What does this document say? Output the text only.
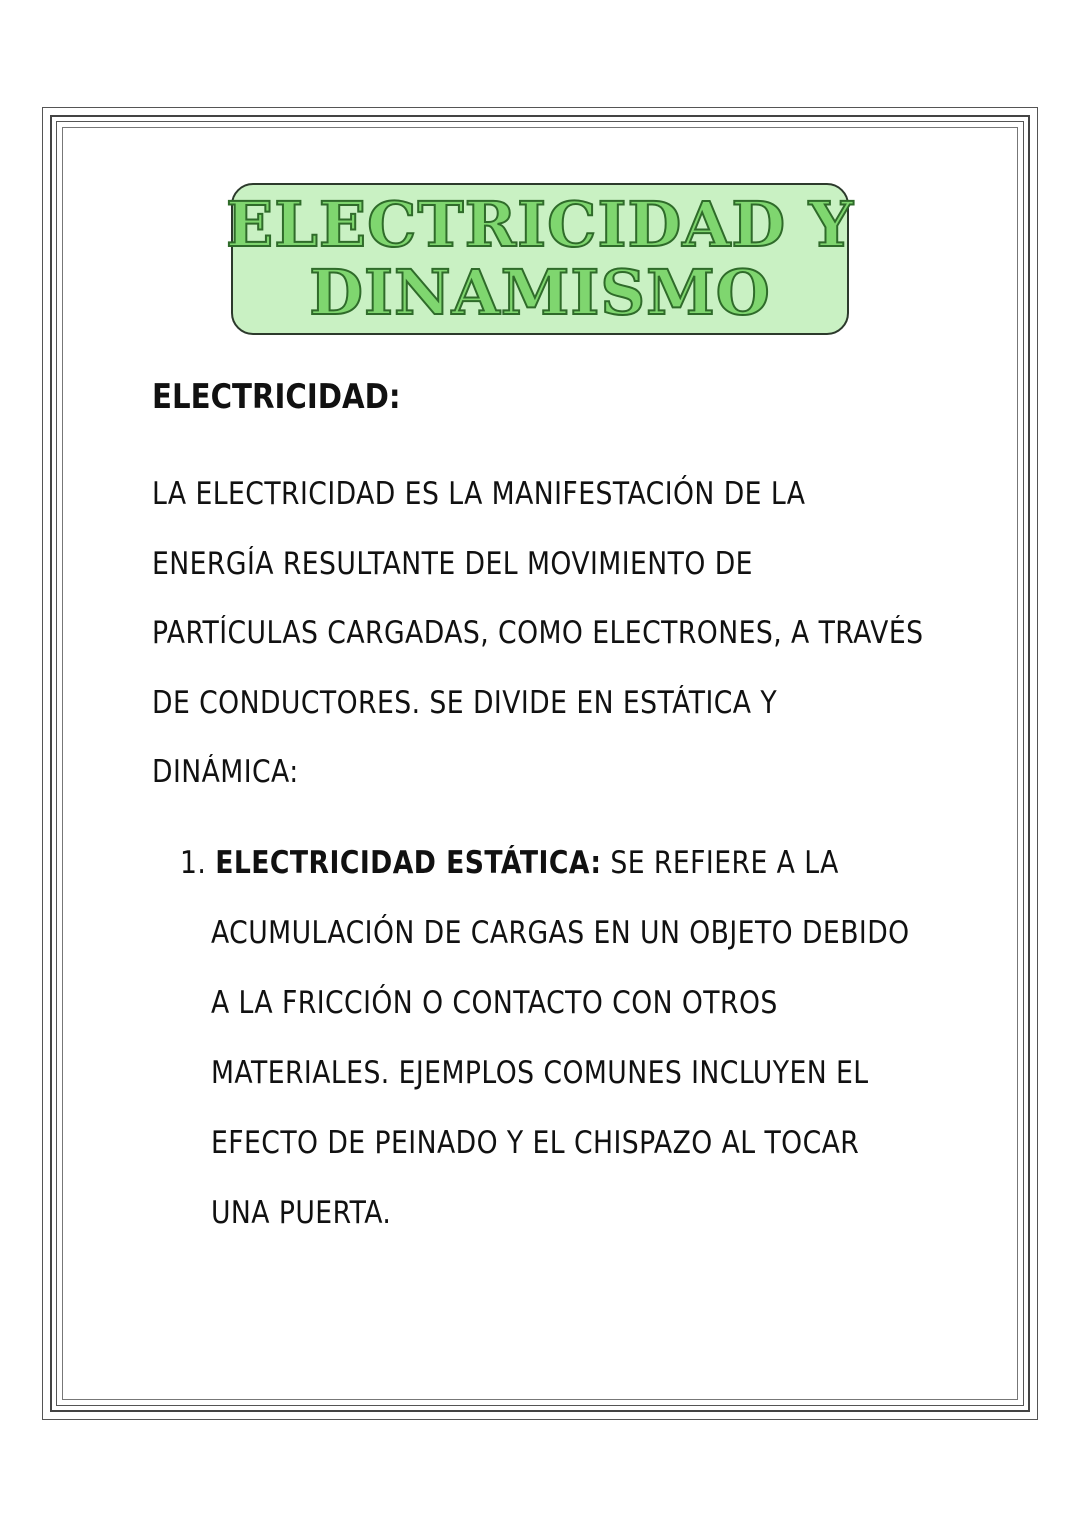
ELECTRICIDAD Y
DINAMISMO
ELECTRICIDAD:
LA ELECTRICIDAD ES LA MANIFESTACIÓN DE LA
ENERGÍA RESULTANTE DEL MOVIMIENTO DE
PARTÍCULAS CARGADAS, COMO ELECTRONES, A TRAVÉS
DE CONDUCTORES. SE DIVIDE EN ESTÁTICA Y
DINÁMICA:
1. ELECTRICIDAD ESTÁTICA: SE REFIERE A LA
ACUMULACIÓN DE CARGAS EN UN OBJETO DEBIDO
A LA FRICCIÓN O CONTACTO CON OTROS
MATERIALES. EJEMPLOS COMUNES INCLUYEN EL
EFECTO DE PEINADO Y EL CHISPAZO AL TOCAR
UNA PUERTA.
